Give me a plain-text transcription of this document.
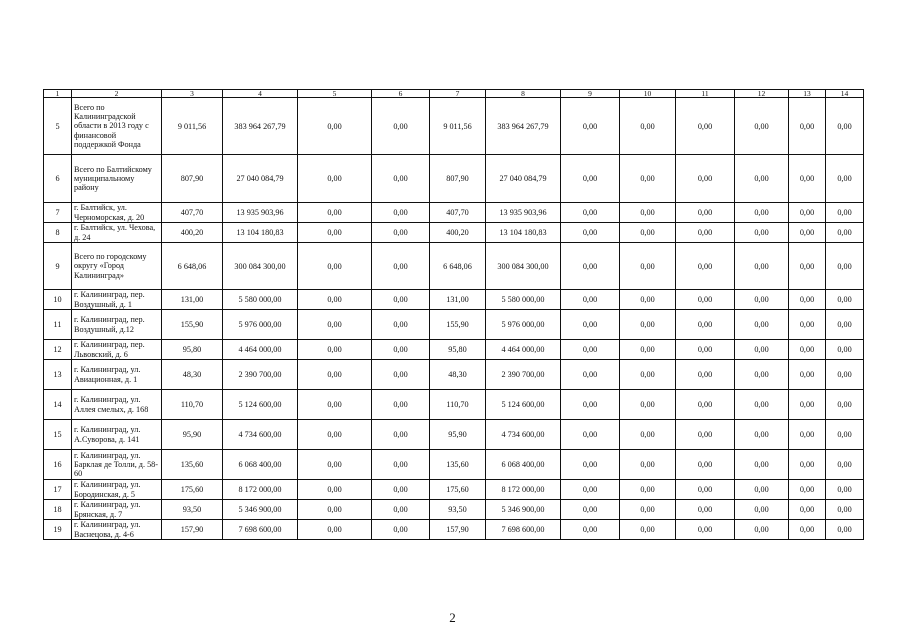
1	2	3	4	5	6	7	8	9	10	11	12	13	14
5	Всего по Калининградской области в 2013 году с финансовой поддержкой Фонда	9 011,56	383 964 267,79	0,00	0,00	9 011,56	383 964 267,79	0,00	0,00	0,00	0,00	0,00	0,00
6	Всего по Балтийскому муниципальному району	807,90	27 040 084,79	0,00	0,00	807,90	27 040 084,79	0,00	0,00	0,00	0,00	0,00	0,00
7	г. Балтийск, ул. Черноморская, д. 20	407,70	13 935 903,96	0,00	0,00	407,70	13 935 903,96	0,00	0,00	0,00	0,00	0,00	0,00
8	г. Балтийск, ул. Чехова, д. 24	400,20	13 104 180,83	0,00	0,00	400,20	13 104 180,83	0,00	0,00	0,00	0,00	0,00	0,00
9	Всего по городскому округу «Город Калининград»	6 648,06	300 084 300,00	0,00	0,00	6 648,06	300 084 300,00	0,00	0,00	0,00	0,00	0,00	0,00
10	г. Калининград, пер. Воздушный, д. 1	131,00	5 580 000,00	0,00	0,00	131,00	5 580 000,00	0,00	0,00	0,00	0,00	0,00	0,00
11	г. Калининград, пер. Воздушный, д.12	155,90	5 976 000,00	0,00	0,00	155,90	5 976 000,00	0,00	0,00	0,00	0,00	0,00	0,00
12	г. Калининград, пер. Львовский, д. 6	95,80	4 464 000,00	0,00	0,00	95,80	4 464 000,00	0,00	0,00	0,00	0,00	0,00	0,00
13	г. Калининград, ул. Авиационная, д. 1	48,30	2 390 700,00	0,00	0,00	48,30	2 390 700,00	0,00	0,00	0,00	0,00	0,00	0,00
14	г. Калининград, ул. Аллея смелых, д. 168	110,70	5 124 600,00	0,00	0,00	110,70	5 124 600,00	0,00	0,00	0,00	0,00	0,00	0,00
15	г. Калининград, ул. А.Суворова, д. 141	95,90	4 734 600,00	0,00	0,00	95,90	4 734 600,00	0,00	0,00	0,00	0,00	0,00	0,00
16	г. Калининград, ул. Барклая де Толли, д. 58-60	135,60	6 068 400,00	0,00	0,00	135,60	6 068 400,00	0,00	0,00	0,00	0,00	0,00	0,00
17	г. Калининград, ул. Бородинская, д. 5	175,60	8 172 000,00	0,00	0,00	175,60	8 172 000,00	0,00	0,00	0,00	0,00	0,00	0,00
18	г. Калининград, ул. Брянская, д. 7	93,50	5 346 900,00	0,00	0,00	93,50	5 346 900,00	0,00	0,00	0,00	0,00	0,00	0,00
19	г. Калининград, ул. Васнецова, д. 4-6	157,90	7 698 600,00	0,00	0,00	157,90	7 698 600,00	0,00	0,00	0,00	0,00	0,00	0,00
2
